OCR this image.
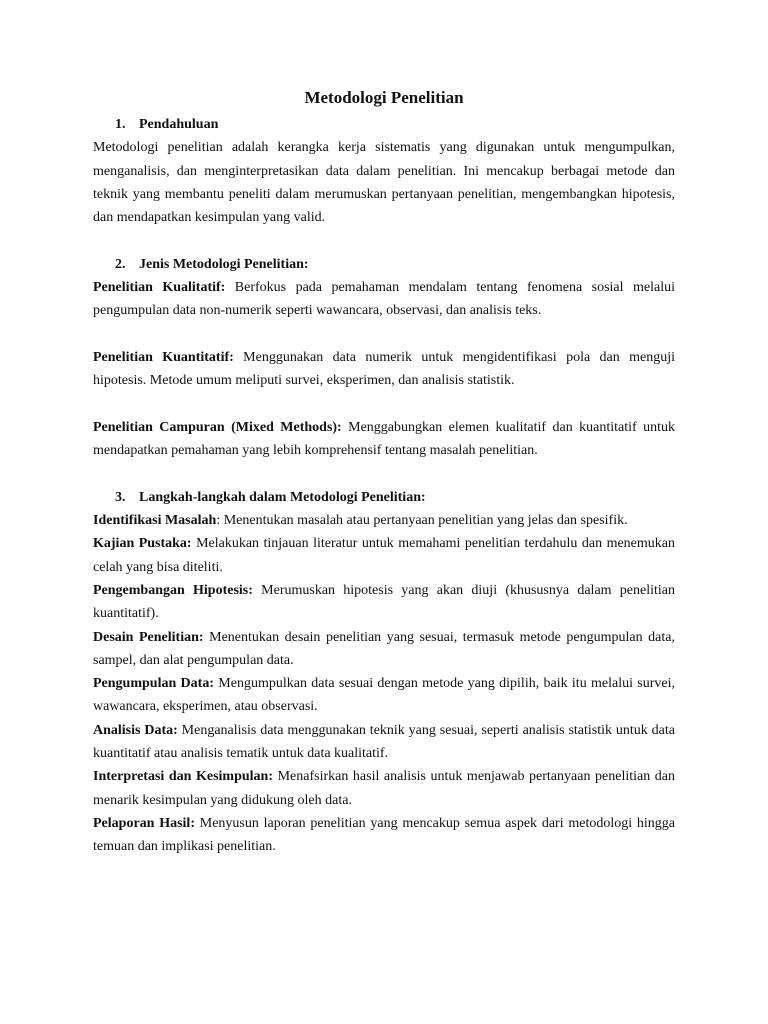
Metodologi Penelitian
1. Pendahuluan

Metodologi penelitian adalah kerangka kerja sistematis yang digunakan untuk mengumpulkan, menganalisis, dan menginterpretasikan data dalam penelitian. Ini mencakup berbagai metode dan teknik yang membantu peneliti dalam merumuskan pertanyaan penelitian, mengembangkan hipotesis, dan mendapatkan kesimpulan yang valid.

2. Jenis Metodologi Penelitian:

Penelitian Kualitatif: Berfokus pada pemahaman mendalam tentang fenomena sosial melalui pengumpulan data non-numerik seperti wawancara, observasi, dan analisis teks.

Penelitian Kuantitatif: Menggunakan data numerik untuk mengidentifikasi pola dan menguji hipotesis. Metode umum meliputi survei, eksperimen, dan analisis statistik.

Penelitian Campuran (Mixed Methods): Menggabungkan elemen kualitatif dan kuantitatif untuk mendapatkan pemahaman yang lebih komprehensif tentang masalah penelitian.

3. Langkah-langkah dalam Metodologi Penelitian:

Identifikasi Masalah: Menentukan masalah atau pertanyaan penelitian yang jelas dan spesifik.

Kajian Pustaka: Melakukan tinjauan literatur untuk memahami penelitian terdahulu dan menemukan celah yang bisa diteliti.

Pengembangan Hipotesis: Merumuskan hipotesis yang akan diuji (khususnya dalam penelitian kuantitatif).

Desain Penelitian: Menentukan desain penelitian yang sesuai, termasuk metode pengumpulan data, sampel, dan alat pengumpulan data.

Pengumpulan Data: Mengumpulkan data sesuai dengan metode yang dipilih, baik itu melalui survei, wawancara, eksperimen, atau observasi.

Analisis Data: Menganalisis data menggunakan teknik yang sesuai, seperti analisis statistik untuk data kuantitatif atau analisis tematik untuk data kualitatif.

Interpretasi dan Kesimpulan: Menafsirkan hasil analisis untuk menjawab pertanyaan penelitian dan menarik kesimpulan yang didukung oleh data.

Pelaporan Hasil: Menyusun laporan penelitian yang mencakup semua aspek dari metodologi hingga temuan dan implikasi penelitian.
